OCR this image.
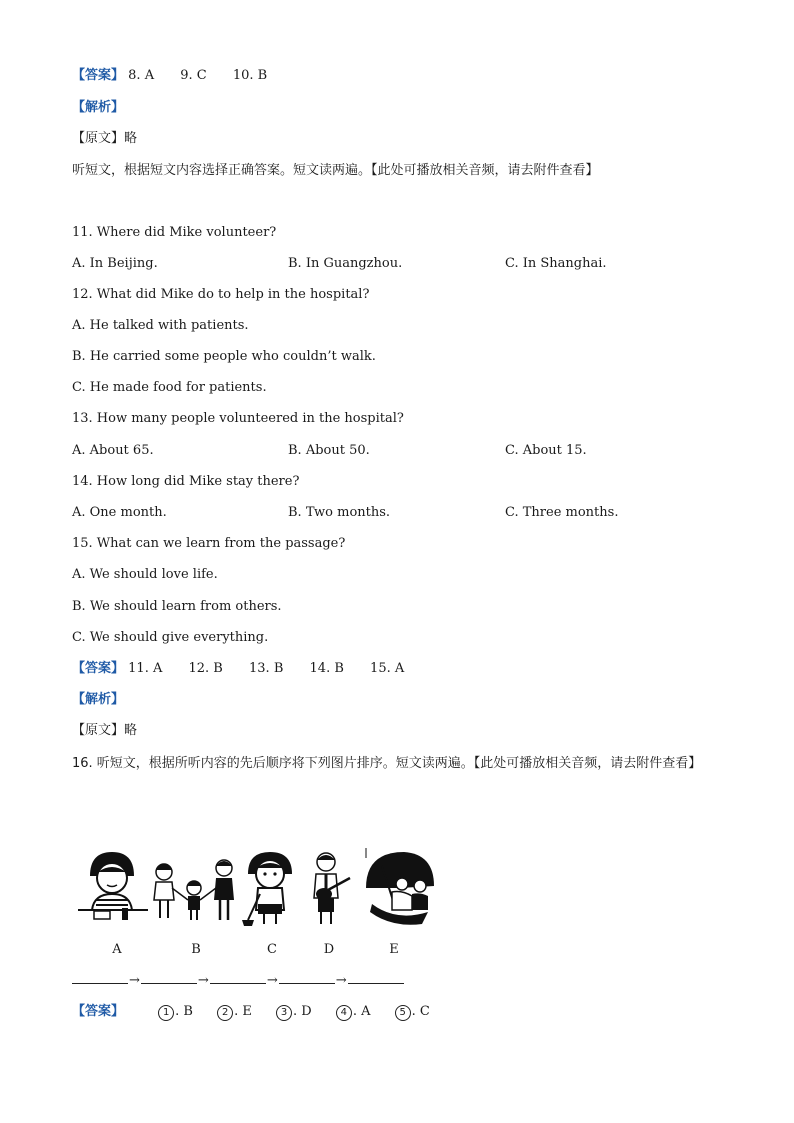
【答案】 8. A 9. C 10. B
【解析】
【原文】略
听短文，根据短文内容选择正确答案。短文读两遍。【此处可播放相关音频，请去附件查看】
11. Where did Mike volunteer?
A. In Beijing.	B. In Guangzhou.	C. In Shanghai.
12. What did Mike do to help in the hospital?
A. He talked with patients.
B. He carried some people who couldn’t walk.
C. He made food for patients.
13. How many people volunteered in the hospital?
A. About 65.	B. About 50.	C. About 15.
14. How long did Mike stay there?
A. One month.	B. Two months.	C. Three months.
15. What can we learn from the passage?
A. We should love life.
B. We should learn from others.
C. We should give everything.
【答案】 11. A 12. B 13. B 14. B 15. A
【解析】
【原文】略
16. 听短文，根据所听内容的先后顺序将下列图片排序。短文读两遍。【此处可播放相关音频，请去附件查看】
A	B	C	D	E
→	→	→	→
【答案】	1 . B	2 . E	3 . D	4 . A	5 . C
